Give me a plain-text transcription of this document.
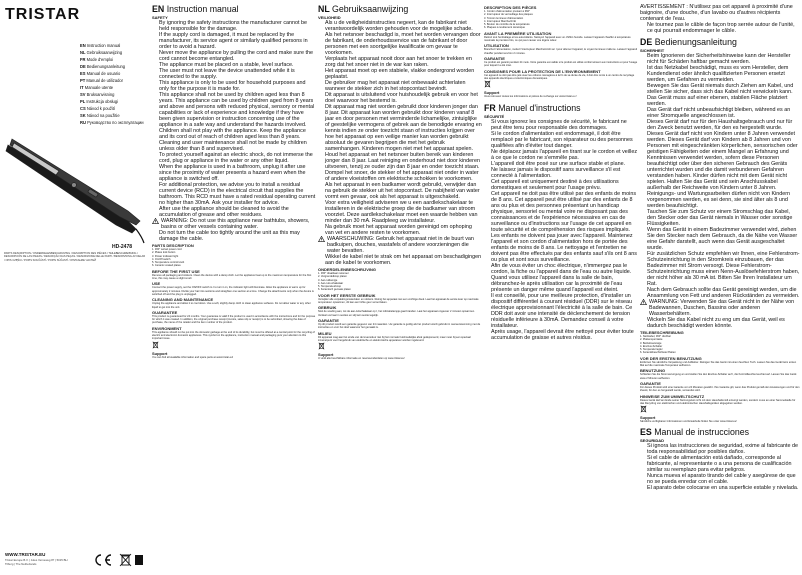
TRISTAR
EN Instruction manual
NL Gebruiksaanwijzing
FR Mode d'emploi
DE Bedienungsanleitung
ES Manual de usuario
PT Manual de utilizador
IT Manuale utente
SV Bruksanvisning
PL Instrukcja obsługi
CS Návod k použití
SK Návod na použitie
RU Руководство по эксплуатации
HD-2478
PARTS DESCRIPTION / ONDERDELENBESCHRIJVING / DESCRIPTION DES PIÈCES / TEILEBESCHREIBUNG / DESCRIPCIÓN DE LAS PIEZAS / DESCRIÇÃO DAS PEÇAS / DESCRIZIONE DELLE PARTI / BESKRIVNING AV DELAR / OPIS CZĘŚCI / POPIS SOUČÁSTÍ / POPIS SÚČASTÍ / ОПИСАНИЕ ЧАСТЕЙ
WWW.TRISTAR.EU
Tristar Europe B.V. | Jules Verneweg 87 | 5015 BH Tilburg | The Netherlands
EN Instruction manual
SAFETY
• By ignoring the safety instructions the manufacturer cannot be held responsible for the damage.
• If the supply cord is damaged, it must be replaced by the manufacturer, its service agent or similarly qualified persons in order to avoid a hazard.
• Never move the appliance by pulling the cord and make sure the cord cannot become entangled.
• The appliance must be placed on a stable, level surface.
• The user must not leave the device unattended while it is connected to the supply.
• This appliance is only to be used for household purposes and only for the purpose it is made for.
• This appliance shall not be used by children aged less than 8 years. This appliance can be used by children aged from 8 years and above and persons with reduced physical, sensory or mental capabilities or lack of experience and knowledge if they have been given supervision or instruction concerning use of the appliance in a safe way and understand the hazards involved. Children shall not play with the appliance. Keep the appliance and its cord out of reach of children aged less than 8 years. Cleaning and user maintenance shall not be made by children unless older than 8 and supervised.
• To protect yourself against an electric shock, do not immerse the cord, plug or appliance in the water or any other liquid.
• When the appliance is used in a bathroom, unplug it after use since the proximity of water presents a hazard even when the appliance is switched off.
• For additional protection, we advise you to install a residual current device (RCD) in the electrical circuit that supplies the bathroom. This RCD must have a rated residual operating current no higher than 30mA. Ask your installer for advice.
• After use the appliance should be cleaned to avoid the accumulation of grease and other residues.
WARNING: Do not use this appliance near bathtubs, showers, basins or other vessels containing water.
• Do not turn the cable too tightly around the unit as this may damage the cable.
PARTS DESCRIPTION
1. 360° swivel power cord
2. Plates lock button
3. Power indicator light
4. On/Off switch
5. Temperature control knob
6. Ceramic coated plates
BEFORE THE FIRST USE
Remove all packaging and stickers. Clean the device with a damp cloth. Let the appliance heat up to the maximum temperature for the first time, this may cause a slight smell.
USE
Connect the power supply, set the ON/OFF switch to I to turn it on, the indicator light will illuminate. Allow the appliance to warm up for approximately 2 minutes. Divide your hair into sections and straighten one section at a time. Change the attachments only when the device is switched off and the plug is unplugged.
CLEANING AND MAINTENANCE
Unplug the appliance and allow it to cool down. Use a soft, slightly damp cloth to clean appliance surfaces. Do not allow water or any other liquid to get into the unit.
GUARANTEE
This product is guaranteed for 24 months. Your guarantee is valid if the product is used in accordance with the instructions and for the purpose for which it was created. In addition, the original purchase receipt (invoice, sales slip or receipt) is to be submitted, showing the date of purchase, the name of the retailer and the item number of the product.
ENVIRONMENT
This appliance should not be put into the domestic garbage at the end of its durability, but must be offered at a central point for the recycling of electric and electronic domestic appliances. This symbol on the appliance, instruction manual and packaging puts your attention to this important issue.
Support
You can find all available information and spare parts at www.tristar.eu!
NL Gebruiksaanwijzing
VEILIGHEID
• Als u de veiligheidsinstructies negeert, kan de fabrikant niet verantwoordelijk worden gehouden voor de mogelijke schade.
• Als het netsnoer beschadigd is, moet het worden vervangen door de fabrikant, de onderhoudsservice van de fabrikant of door personen met een soortgelijke kwalificatie om gevaar te voorkomen.
• Verplaats het apparaat nooit door aan het snoer te trekken en zorg dat het snoer niet in de war kan raken.
• Het apparaat moet op een stabiele, vlakke ondergrond worden geplaatst.
• De gebruiker mag het apparaat niet onbewaakt achterlaten wanneer de stekker zich in het stopcontact bevindt.
• Dit apparaat is uitsluitend voor huishoudelijk gebruik en voor het doel waarvoor het bestemd is.
• Dit apparaat mag niet worden gebruikt door kinderen jonger dan 8 jaar. Dit apparaat kan worden gebruikt door kinderen vanaf 8 jaar en door personen met verminderde lichamelijke, zintuiglijke of geestelijke vermogens of gebrek aan de benodigde ervaring en kennis indien ze onder toezicht staan of instructies krijgen over hoe het apparaat op een veilige manier kan worden gebruikt absoluut de gevaren begrijpen die met het gebruik samenhangen. Kinderen mogen niet met het apparaat spelen. Houd het apparaat en het netsnoer buiten bereik van kinderen jonger dan 8 jaar. Laat reiniging en onderhoud niet door kinderen uitvoeren, tenzij ze ouder zijn dan 8 jaar en onder toezicht staan.
• Dompel het snoer, de stekker of het apparaat niet onder in water of andere vloeistoffen om elektrische schokken te voorkomen.
• Als het apparaat in een badkamer wordt gebruikt, verwijder dan na gebruik de stekker uit het stopcontact. De nabijheid van water vormt een gevaar, ook als het apparaat is uitgeschakeld.
• Voor extra veiligheid adviseren we u een aardlekschakelaar te installeren in de elektrische groep die de badkamer van stroom voorziet. Deze aardlekschakelaar moet een waarde hebben van minder dan 30 mA. Raadpleeg uw installateur.
• Na gebruik moet het apparaat worden gereinigd om ophoping van vet en andere resten te voorkomen.
WAARSCHUWING: Gebruik het apparaat niet in de buurt van badkuipen, douches, wastafels of andere voorzieningen die water bevatten.
• Wikkel de kabel niet te strak om het apparaat om beschadigingen aan de kabel te voorkomen.
ONDERDELENBESCHRIJVING
1. 360° draaibaar netsnoer
2. Vergrendelknop platen
3. Aan-/uitlampje
4. Aan-/uit-schakelaar
5. Temperatuurknop
6. Keramisch gecoate platen
VOOR HET EERSTE GEBRUIK
Verwijder alle verpakkingsmaterialen en stickers. Reinig het apparaat met een vochtige doek. Laat het apparaat de eerste keer op maximale temperatuur opwarmen, dit kan een lichte geur veroorzaken.
GEBRUIK
Sluit de voeding aan, zet de aan-/uitschakelaar op I, het indicatielampje gaat branden. Laat het apparaat ongeveer 2 minuten opwarmen. Verdeel uw haar in secties en stijl één sectie tegelijk.
GARANTIE
Op dit product wordt een garantie gegeven van 24 maanden. Uw garantie is geldig als het product wordt gebruikt in overeenstemming met de instructies en voor het doel waarvoor het gemaakt is.
MILIEU
Dit apparaat mag aan het einde van de levensduur niet bij het normale huishoudelijke afval gedeponeerd, maar moet bij een speciaal inzamelpunt voor hergebruik van elektrische en elektronische apparatuur worden ingeleverd.
Support
U vindt alle beschikbare informatie en reserveonderdelen op www.tristar.eu!
DESCRIPTION DES PIÈCES
1. Cordon d'alimentation pivotant à 360°
2. Interrupteur de verrouillage des plaques
3. Témoin lumineux d'alimentation
4. Interrupteur Marche/Arrêt
5. Bouton de contrôle de la température
6. Plaques à revêtement céramique
AVANT LA PREMIÈRE UTILISATION
Retirez tout l'emballage et les autocollants. Nettoyez l'appareil avec un chiffon humide. Laissez l'appareil chauffer à température maximale la première fois, ce qui peut causer une légère odeur.
UTILISATION
Branchez l'alimentation, mettez l'interrupteur Marche/Arrêt sur I pour allumer l'appareil, le voyant lumineux s'allume. Laissez l'appareil chauffer pendant environ 2 minutes.
GARANTIE
Ce produit est garanti pendant 24 mois. Votre garantie est valide si le produit est utilisé conformément aux instructions et pour l'usage pour lequel il a été créé.
CONSIGNES POUR LA PROTECTION DE L'ENVIRONNEMENT
Cet appareil ne doit pas être jeté avec les ordures ménagères à la fin de sa durée de vie, il doit être remis à un centre de recyclage des appareils électriques et électroniques domestiques.
Support
Vous retrouvez toutes les informations et pièces de rechange sur www.tristar.eu !
FR Manuel d'instructions
SÉCURITÉ
• Si vous ignorez les consignes de sécurité, le fabricant ne peut être tenu pour responsable des dommages.
• Si le cordon d'alimentation est endommagé, il doit être remplacé par le fabricant, son réparateur ou des personnes qualifiées afin d'éviter tout danger.
• Ne déplacez jamais l'appareil en tirant sur le cordon et veillez à ce que le cordon ne s'emmêle pas.
• L'appareil doit être posé sur une surface stable et plane.
• Ne laissez jamais le dispositif sans surveillance s'il est connecté à l'alimentation.
• Cet appareil est uniquement destiné à des utilisations domestiques et seulement pour l'usage prévu.
• Cet appareil ne doit pas être utilisé par des enfants de moins de 8 ans. Cet appareil peut être utilisé par des enfants de 8 ans ou plus et des personnes présentant un handicap physique, sensoriel ou mental voire ne disposant pas des connaissances et de l'expérience nécessaires en cas de surveillance ou d'instructions sur l'usage de cet appareil en toute sécurité et de compréhension des risques impliqués. Les enfants ne doivent pas jouer avec l'appareil. Maintenez l'appareil et son cordon d'alimentation hors de portée des enfants de moins de 8 ans. Le nettoyage et l'entretien ne doivent pas être effectués par des enfants sauf s'ils ont 8 ans ou plus et sont sous surveillance.
• Afin de vous éviter un choc électrique, n'immergez pas le cordon, la fiche ou l'appareil dans de l'eau ou autre liquide.
• Quand vous utilisez l'appareil dans la salle de bain, débranchez-le après utilisation car la proximité de l'eau présente un danger même quand l'appareil est éteint.
• Il est conseillé, pour une meilleure protection, d'installer un dispositif différentiel à courant résiduel (DDR) sur le réseau électrique approvisionnant l'électricité à la salle de bain. Ce DDR doit avoir une intensité de déclenchement de tension résiduelle inférieure à 30mA. Demandez conseil à votre installateur.
• Après usage, l'appareil devrait être nettoyé pour éviter toute accumulation de graisse et autres résidus.
AVERTISSEMENT : N'utilisez pas cet appareil à proximité d'une baignoire, d'une douche, d'un lavabo ou d'autres récipients contenant de l'eau.
• Ne tournez pas le câble de façon trop serrée autour de l'unité, ce qui pourrait endommager le câble.
DE Bedienungsanleitung
SICHERHEIT
• Beim Ignorieren der Sicherheitshinweise kann der Hersteller nicht für Schäden haftbar gemacht werden.
• Ist das Netzkabel beschädigt, muss es vom Hersteller, dem Kundendienst oder ähnlich qualifizierten Personen ersetzt werden, um Gefahren zu vermeiden.
• Bewegen Sie das Gerät niemals durch Ziehen am Kabel, und stellen Sie sicher, dass sich das Kabel nicht verwickeln kann.
• Das Gerät muss auf einer ebenen, stabilen Fläche platziert werden.
• Das Gerät darf nicht unbeaufsichtigt bleiben, während es an einer Stromquelle angeschlossen ist.
• Dieses Gerät darf nur für den Haushaltsgebrauch und nur für den Zweck benutzt werden, für den es hergestellt wurde.
• Dieses Gerät darf nicht von Kindern unter 8 Jahren verwendet werden. Dieses Gerät darf von Kindern ab 8 Jahren und von Personen mit eingeschränkten körperlichen, sensorischen oder geistigen Fähigkeiten oder einem Mangel an Erfahrung und Kenntnissen verwendet werden, sofern diese Personen beaufsichtigt oder über den sicheren Gebrauch des Geräts unterrichtet wurden und die damit verbundenen Gefahren verstanden haben. Kinder dürfen nicht mit dem Gerät nicht spielen. Halten Sie das Gerät und sein Anschlusskabel außerhalb der Reichweite von Kindern unter 8 Jahren. Reinigungs- und Wartungsarbeiten dürfen nicht von Kindern vorgenommen werden, es sei denn, sie sind älter als 8 und werden beaufsichtigt.
• Tauchen Sie zum Schutz vor einem Stromschlag das Kabel, den Stecker oder das Gerät niemals in Wasser oder sonstige Flüssigkeiten.
• Wenn das Gerät in einem Badezimmer verwendet wird, ziehen Sie den Stecker nach dem Gebrauch, da die Nähe von Wasser eine Gefahr darstellt, auch wenn das Gerät ausgeschaltet wurde.
• Für zusätzlichen Schutz empfehlen wir Ihnen, eine Fehlerstrom-Schutzeinrichtung in den Stromkreis einzubauen, der das Badezimmer mit Strom versorgt. Diese Fehlerstrom-Schutzeinrichtung muss einen Nenn-Auslösefehlerstrom haben, der nicht höher als 30 mA ist. Bitten Sie Ihren Installateur um Rat.
• Nach dem Gebrauch sollte das Gerät gereinigt werden, um die Ansammlung von Fett und anderen Rückständen zu vermeiden.
WARNUNG: Verwenden Sie das Gerät nicht in der Nähe von Badewannen, Duschen, Bassins oder anderen Wasserbehältern.
• Wickeln Sie das Kabel nicht zu eng um das Gerät, weil es dadurch beschädigt werden könnte.
TEILEBESCHREIBUNG
1. Netzkabel, 360° drehbar
2. Plattensperrtaste
3. Betriebsanzeige
4. Ein/Aus-Schalter
5. Temperaturregler
6. Keramikbeschichtete Platten
VOR DER ERSTEN BENUTZUNG
Entfernen Sie sämtliche Verpackung und Aufkleber. Reinigen Sie das Gerät mit einem feuchten Tuch. Lassen Sie das Gerät beim ersten Mal auf die maximale Temperatur aufheizen.
BENUTZUNG
Schließen Sie die Stromversorgung an und stellen Sie den Ein/Aus-Schalter auf I, die Kontrollleuchte leuchtet auf. Lassen Sie das Gerät etwa 2 Minuten aufheizen.
GARANTIE
Für dieses Produkt wird eine Garantie von 24 Monaten gewährt. Ihre Garantie gilt, wenn das Produkt gemäß den Anweisungen und für den Zweck, für den es hergestellt wurde, verwendet wird.
HINWEISE ZUM UMWELTSCHUTZ
Dieses Gerät darf am Ende seiner Nutzungszeit nicht mit dem Haushaltsmüll entsorgt werden, sondern muss an einer Sammelstelle für das Recycling von elektrischen und elektronischen Haushaltsgeräten abgegeben werden.
Support
Sämtliche verfügbaren Informationen und Ersatzteile finden Sie unter www.tristar.eu!
ES Manual de instrucciones
SEGURIDAD
• Si ignora las instrucciones de seguridad, exime al fabricante de toda responsabilidad por posibles daños.
• Si el cable de alimentación está dañado, corresponde al fabricante, al representante o a una persona de cualificación similar su reemplazo para evitar peligros.
• Nunca mueva el aparato tirando del cable y asegúrese de que no se pueda enredar con el cable.
• El aparato debe colocarse en una superficie estable y nivelada.
